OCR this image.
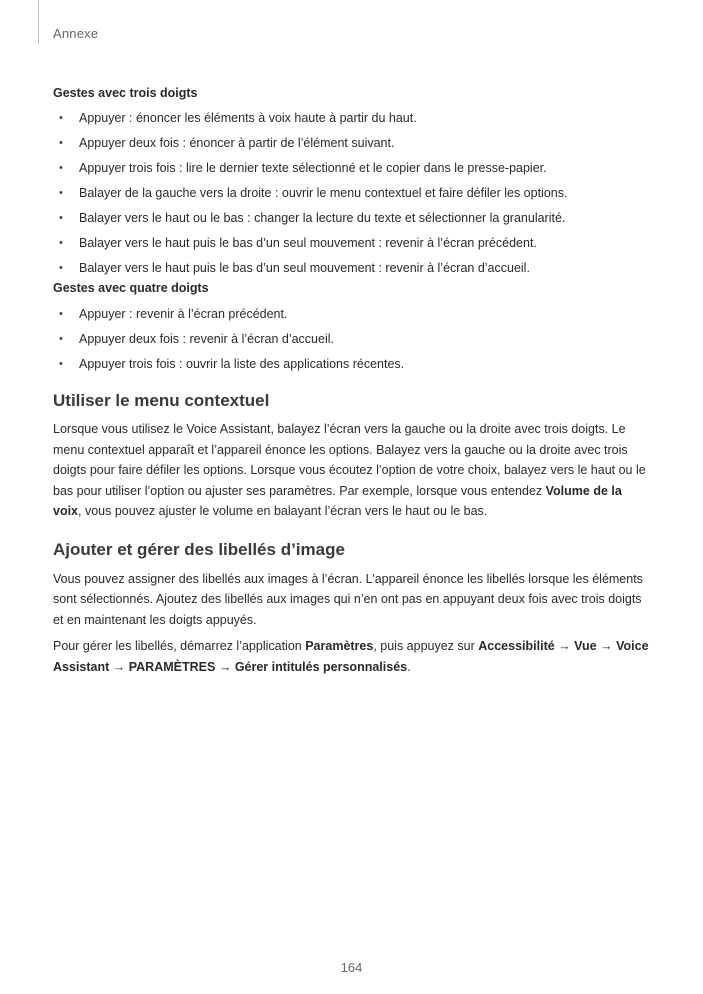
Annexe
Gestes avec trois doigts
• Appuyer : énoncer les éléments à voix haute à partir du haut.
• Appuyer deux fois : énoncer à partir de l’élément suivant.
• Appuyer trois fois : lire le dernier texte sélectionné et le copier dans le presse-papier.
• Balayer de la gauche vers la droite : ouvrir le menu contextuel et faire défiler les options.
• Balayer vers le haut ou le bas : changer la lecture du texte et sélectionner la granularité.
• Balayer vers le haut puis le bas d’un seul mouvement : revenir à l’écran précédent.
• Balayer vers le haut puis le bas d’un seul mouvement : revenir à l’écran d’accueil.
Gestes avec quatre doigts
• Appuyer : revenir à l’écran précédent.
• Appuyer deux fois : revenir à l’écran d’accueil.
• Appuyer trois fois : ouvrir la liste des applications récentes.
Utiliser le menu contextuel

Lorsque vous utilisez le Voice Assistant, balayez l’écran vers la gauche ou la droite avec trois doigts. Le menu contextuel apparaît et l’appareil énonce les options. Balayez vers la gauche ou la droite avec trois doigts pour faire défiler les options. Lorsque vous écoutez l’option de votre choix, balayez vers le haut ou le bas pour utiliser l’option ou ajuster ses paramètres. Par exemple, lorsque vous entendez Volume de la voix, vous pouvez ajuster le volume en balayant l’écran vers le haut ou le bas.

Ajouter et gérer des libellés d’image

Vous pouvez assigner des libellés aux images à l’écran. L’appareil énonce les libellés lorsque les éléments sont sélectionnés. Ajoutez des libellés aux images qui n’en ont pas en appuyant deux fois avec trois doigts et en maintenant les doigts appuyés.

Pour gérer les libellés, démarrez l’application Paramètres, puis appuyez sur Accessibilité → Vue → Voice Assistant → PARAMÈTRES → Gérer intitulés personnalisés.

164
